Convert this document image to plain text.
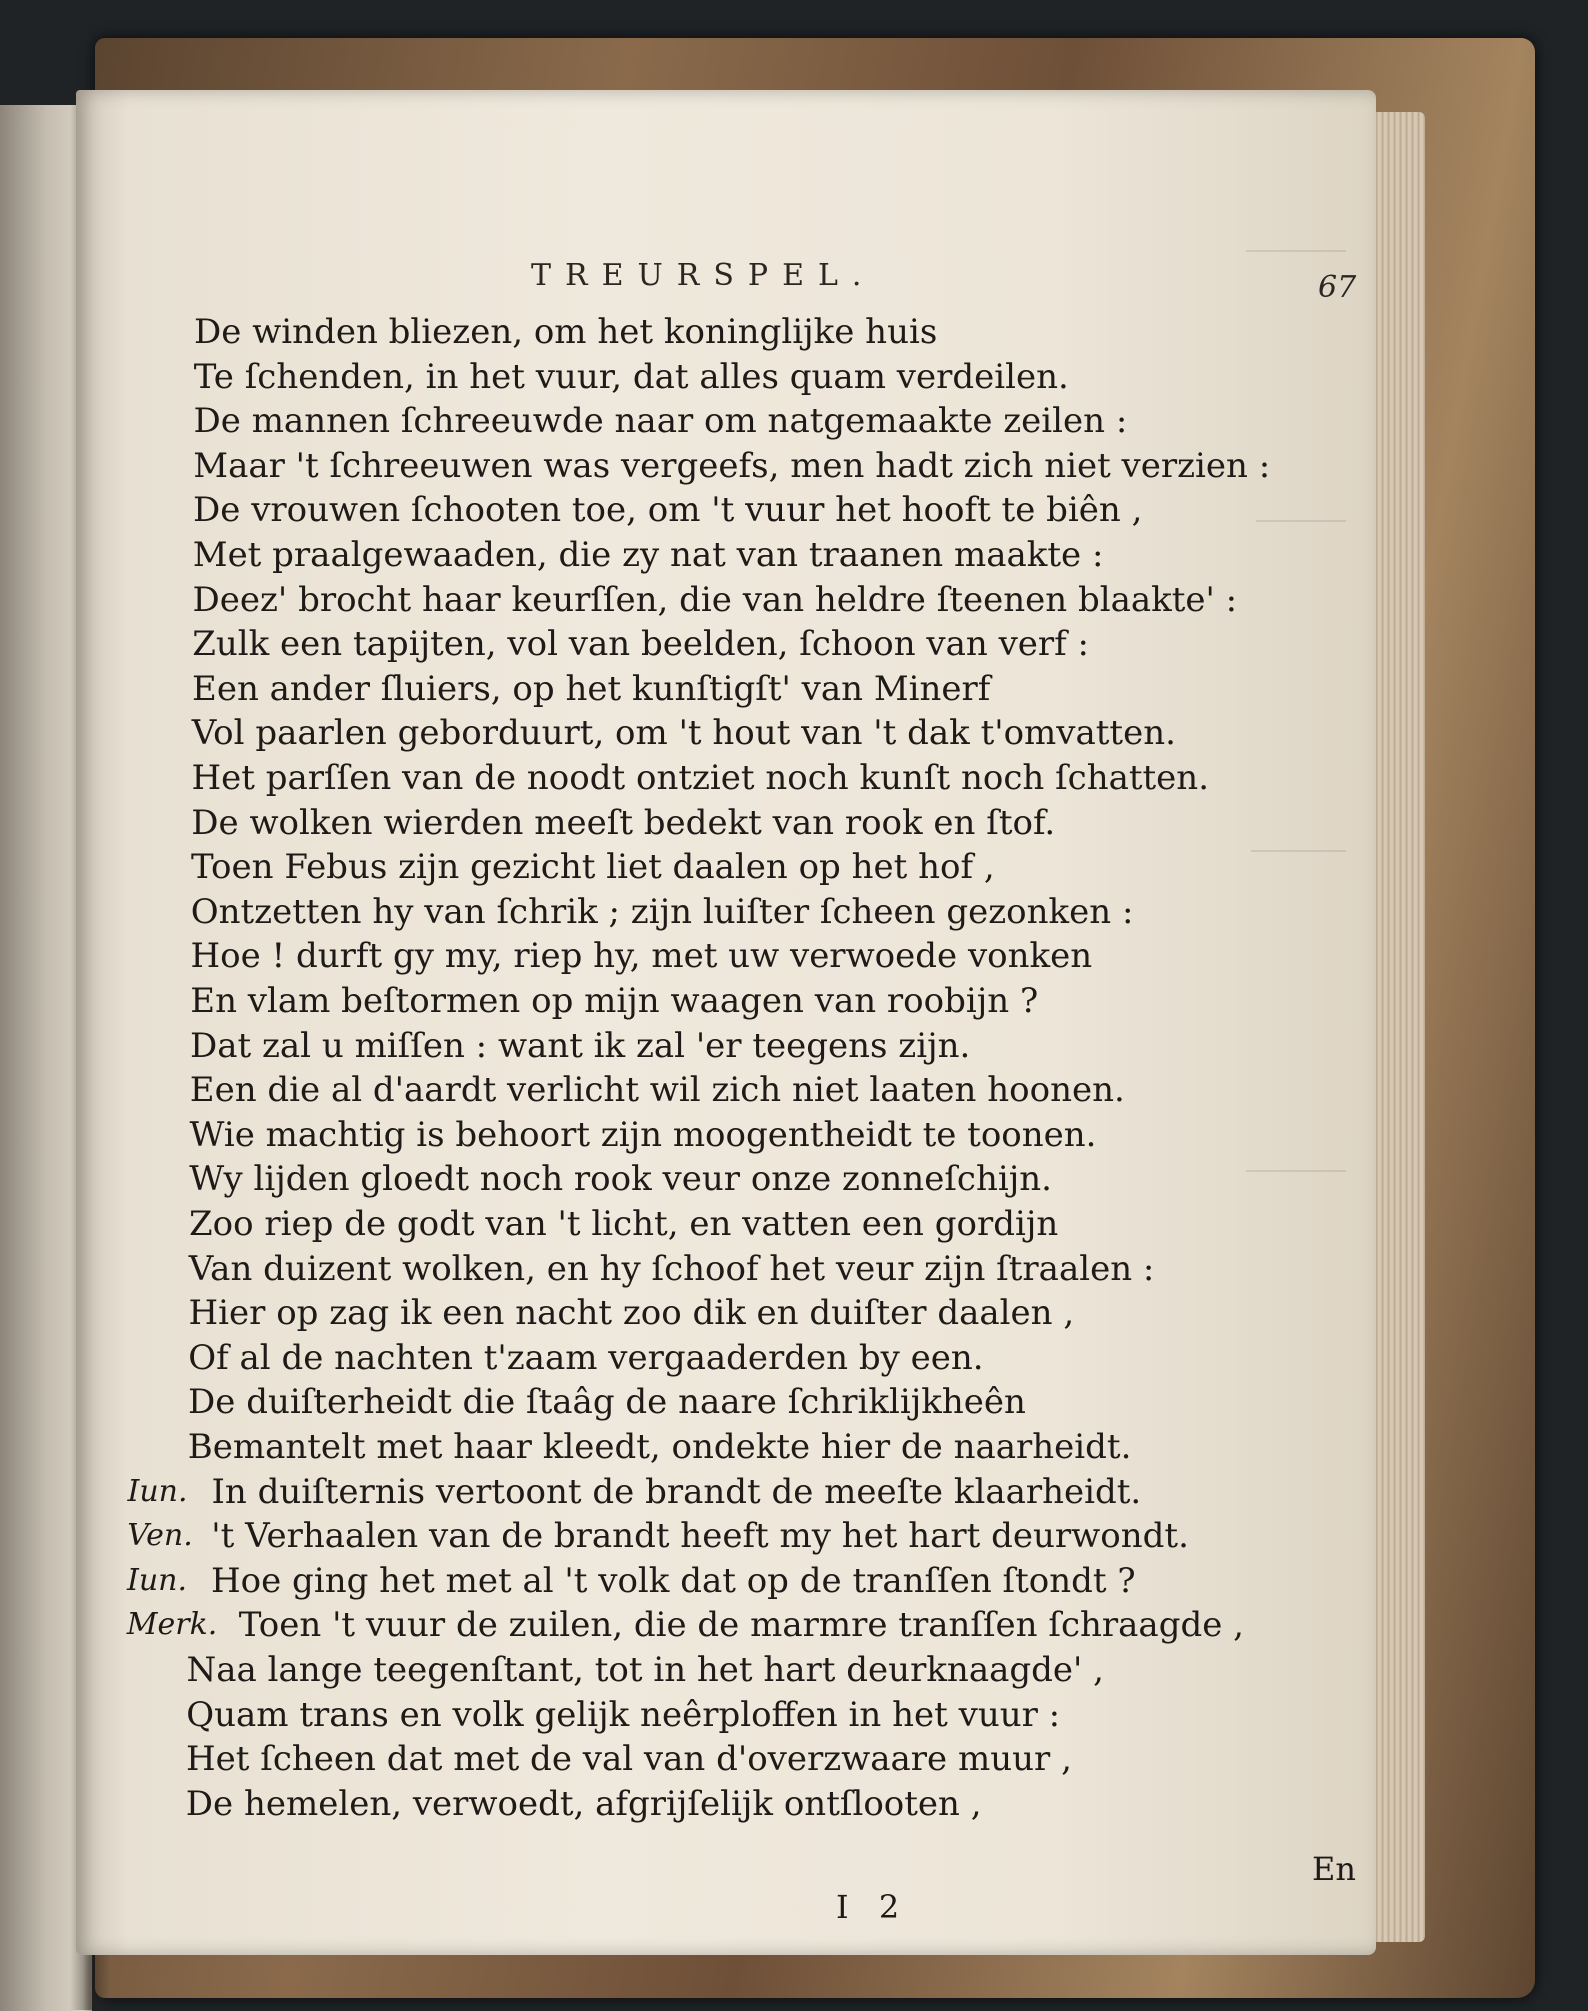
TREURSPEL.	67
De winden bliezen, om het koninglijke huis
Te ſchenden, in het vuur, dat alles quam verdeilen.
De mannen ſchreeuwde naar om natgemaakte zeilen :
Maar 't ſchreeuwen was vergeefs, men hadt zich niet verzien :
De vrouwen ſchooten toe, om 't vuur het hooft te biên ,
Met praalgewaaden, die zy nat van traanen maakte :
Deez' brocht haar keurſſen, die van heldre ſteenen blaakte' :
Zulk een tapijten, vol van beelden, ſchoon van verf :
Een ander ſluiers, op het kunſtigſt' van Minerf
Vol paarlen geborduurt, om 't hout van 't dak t'omvatten.
Het parſſen van de noodt ontziet noch kunſt noch ſchatten.
De wolken wierden meeſt bedekt van rook en ſtof.
Toen Febus zijn gezicht liet daalen op het hof ,
Ontzetten hy van ſchrik ; zijn luiſter ſcheen gezonken :
Hoe ! durft gy my, riep hy, met uw verwoede vonken
En vlam beſtormen op mijn waagen van roobijn ?
Dat zal u miſſen : want ik zal 'er teegens zijn.
Een die al d'aardt verlicht wil zich niet laaten hoonen.
Wie machtig is behoort zijn moogentheidt te toonen.
Wy lijden gloedt noch rook veur onze zonneſchijn.
Zoo riep de godt van 't licht, en vatten een gordijn
Van duizent wolken, en hy ſchoof het veur zijn ſtraalen :
Hier op zag ik een nacht zoo dik en duiſter daalen ,
Of al de nachten t'zaam vergaaderden by een.
De duiſterheidt die ſtaâg de naare ſchriklijkheên
Bemantelt met haar kleedt, ondekte hier de naarheidt.
Iun. In duiſternis vertoont de brandt de meeſte klaarheidt.
Ven. 't Verhaalen van de brandt heeft my het hart deurwondt.
Iun. Hoe ging het met al 't volk dat op de tranſſen ſtondt ?
Merk. Toen 't vuur de zuilen, die de marmre tranſſen ſchraagde ,
Naa lange teegenſtant, tot in het hart deurknaagde' ,
Quam trans en volk gelijk neêrploffen in het vuur :
Het ſcheen dat met de val van d'overzwaare muur ,
De hemelen, verwoedt, afgrijſelijk ontſlooten ,
I 2
En
